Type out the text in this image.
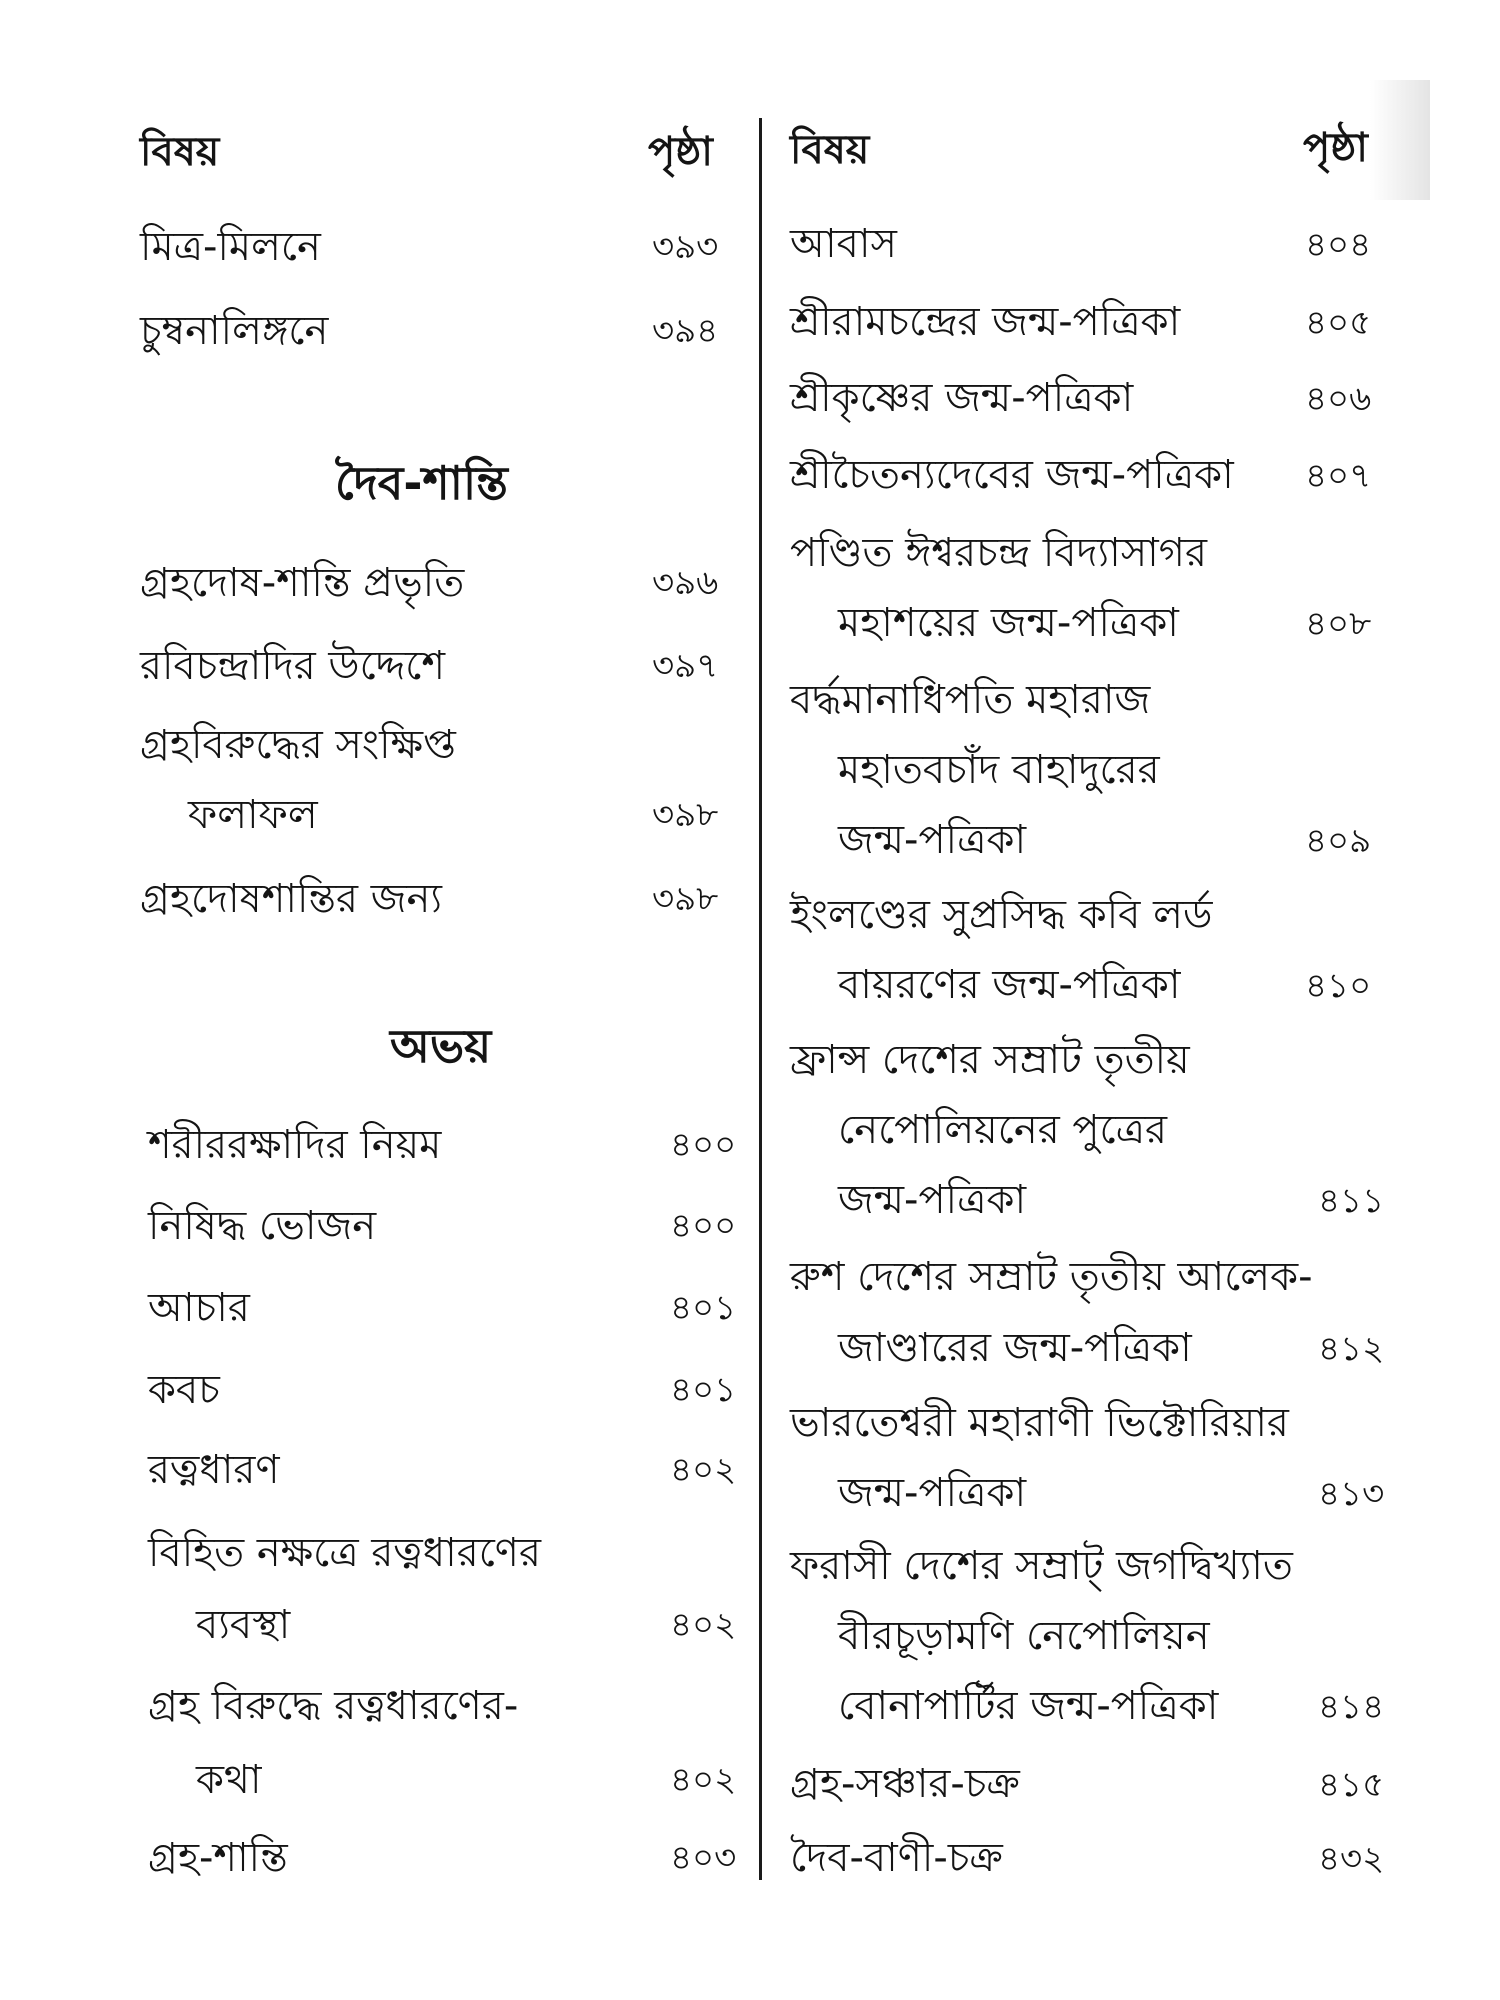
বিষয়	পৃষ্ঠা
মিত্র-মিলনে	৩৯৩
চুম্বনালিঙ্গনে	৩৯৪
দৈব-শান্তি
গ্রহদোষ-শান্তি প্রভৃতি	৩৯৬
রবিচন্দ্রাদির উদ্দেশে	৩৯৭
গ্রহবিরুদ্ধের সংক্ষিপ্ত
ফলাফল	৩৯৮
গ্রহদোষশান্তির জন্য	৩৯৮
অভয়
শরীররক্ষাদির নিয়ম	৪০০
নিষিদ্ধ ভোজন	৪০০
আচার	৪০১
কবচ	৪০১
রত্নধারণ	৪০২
বিহিত নক্ষত্রে রত্নধারণের
ব্যবস্থা	৪০২
গ্রহ বিরুদ্ধে রত্নধারণের-
কথা	৪০২
গ্রহ-শান্তি	৪০৩
বিষয়	পৃষ্ঠা
আবাস	৪০৪
শ্রীরামচন্দ্রের জন্ম-পত্রিকা	৪০৫
শ্রীকৃষ্ণের জন্ম-পত্রিকা	৪০৬
শ্রীচৈতন্যদেবের জন্ম-পত্রিকা ৪০৭
পণ্ডিত ঈশ্বরচন্দ্র বিদ্যাসাগর
মহাশয়ের জন্ম-পত্রিকা	৪০৮
বর্দ্ধমানাধিপতি মহারাজ
মহাতবচাঁদ বাহাদুরের
জন্ম-পত্রিকা	৪০৯
ইংলণ্ডের সুপ্রসিদ্ধ কবি লর্ড
বায়রণের জন্ম-পত্রিকা	৪১০
ফ্রান্স দেশের সম্রাট তৃতীয়
নেপোলিয়নের পুত্রের
জন্ম-পত্রিকা	৪১১
রুশ দেশের সম্রাট তৃতীয় আলেক-
জাণ্ডারের জন্ম-পত্রিকা	৪১২
ভারতেশ্বরী মহারাণী ভিক্টোরিয়ার
জন্ম-পত্রিকা	৪১৩
ফরাসী দেশের সম্রাট্ জগদ্বিখ্যাত
বীরচূড়ামণি নেপোলিয়ন
বোনাপার্টির জন্ম-পত্রিকা	৪১৪
গ্রহ-সঞ্চার-চক্র	৪১৫
দৈব-বাণী-চক্র	৪৩২
